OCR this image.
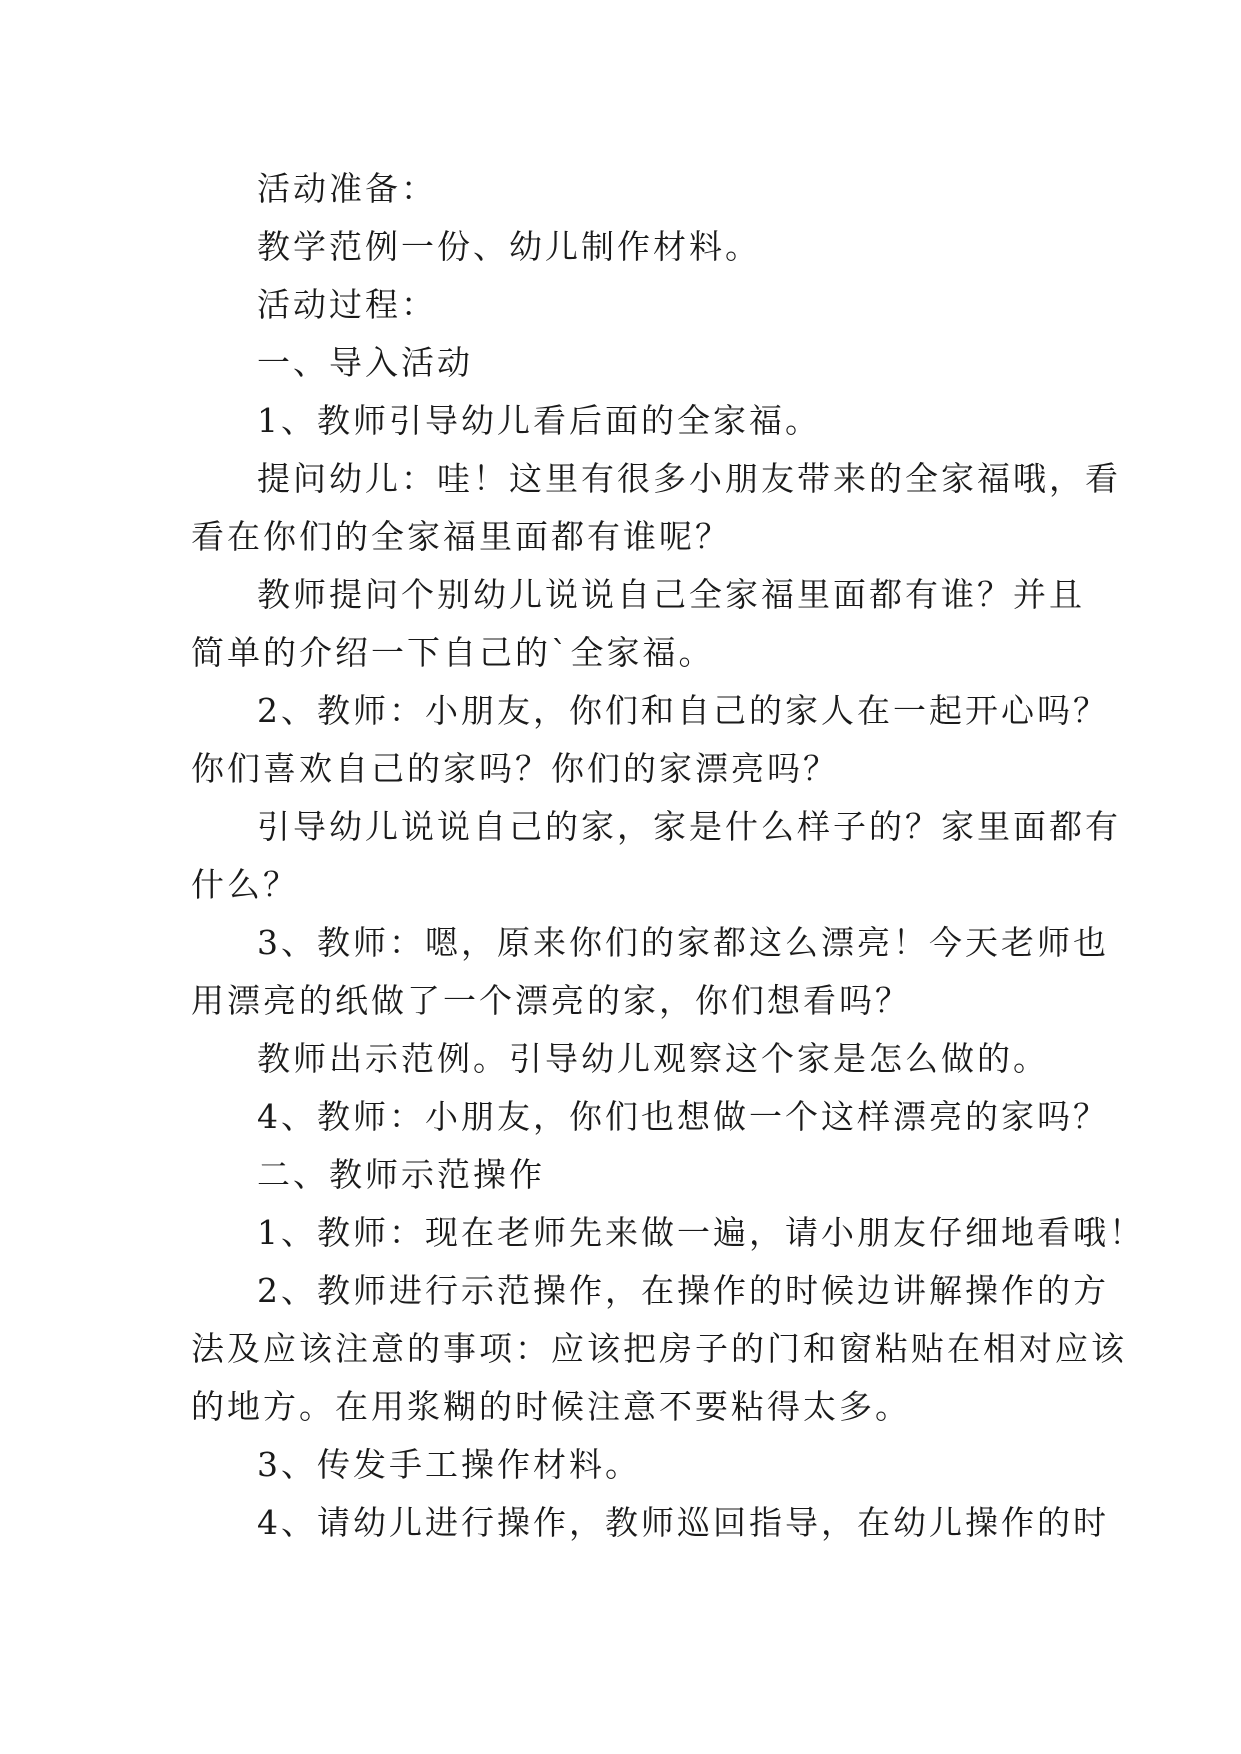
活动准备：
教学范例一份、幼儿制作材料。
活动过程：
一、导入活动
1、教师引导幼儿看后面的全家福。
提问幼儿：哇！这里有很多小朋友带来的全家福哦，看
看在你们的全家福里面都有谁呢？
教师提问个别幼儿说说自己全家福里面都有谁？并且
简单的介绍一下自己的`全家福。
2、教师：小朋友，你们和自己的家人在一起开心吗？
你们喜欢自己的家吗？你们的家漂亮吗？
引导幼儿说说自己的家，家是什么样子的？家里面都有
什么？
3、教师：嗯，原来你们的家都这么漂亮！今天老师也
用漂亮的纸做了一个漂亮的家，你们想看吗？
教师出示范例。引导幼儿观察这个家是怎么做的。
4、教师：小朋友，你们也想做一个这样漂亮的家吗？
二、教师示范操作
1、教师：现在老师先来做一遍，请小朋友仔细地看哦！
2、教师进行示范操作，在操作的时候边讲解操作的方
法及应该注意的事项：应该把房子的门和窗粘贴在相对应该
的地方。在用浆糊的时候注意不要粘得太多。
3、传发手工操作材料。
4、请幼儿进行操作，教师巡回指导，在幼儿操作的时
